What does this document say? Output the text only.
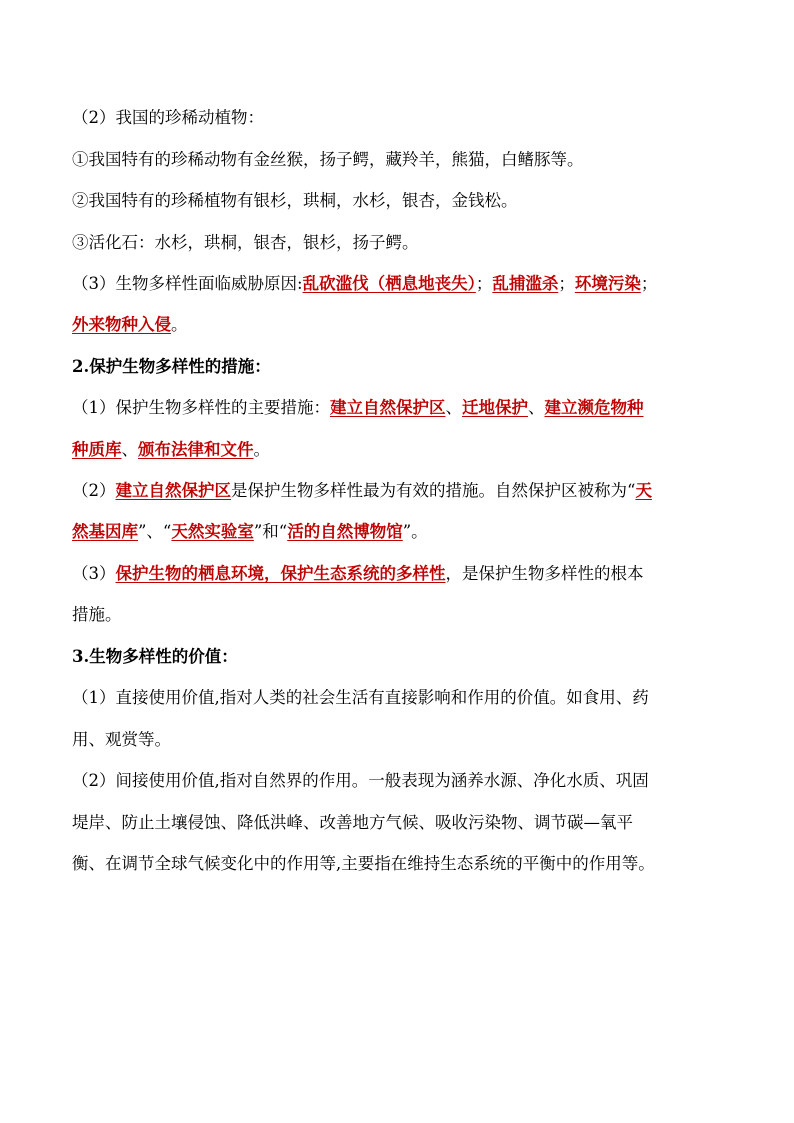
（2）我国的珍稀动植物：
①我国特有的珍稀动物有金丝猴，扬子鳄，藏羚羊，熊猫，白鳍豚等。
②我国特有的珍稀植物有银杉，珙桐，水杉，银杏，金钱松。
③活化石：水杉，珙桐，银杏，银杉，扬子鳄。
（3）生物多样性面临威胁原因:乱砍滥伐（栖息地丧失）；乱捕滥杀；环境污染；
外来物种入侵。
2.保护生物多样性的措施：
（1）保护生物多样性的主要措施：建立自然保护区、迁地保护、建立濒危物种
种质库、颁布法律和文件。
（2）建立自然保护区是保护生物多样性最为有效的措施。自然保护区被称为“天
然基因库”、“天然实验室”和“活的自然博物馆”。
（3）保护生物的栖息环境，保护生态系统的多样性，是保护生物多样性的根本
措施。
3.生物多样性的价值：
（1）直接使用价值,指对人类的社会生活有直接影响和作用的价值。如食用、药
用、观赏等。
（2）间接使用价值,指对自然界的作用。一般表现为涵养水源、净化水质、巩固
堤岸、防止土壤侵蚀、降低洪峰、改善地方气候、吸收污染物、调节碳—氧平
衡、在调节全球气候变化中的作用等,主要指在维持生态系统的平衡中的作用等。
